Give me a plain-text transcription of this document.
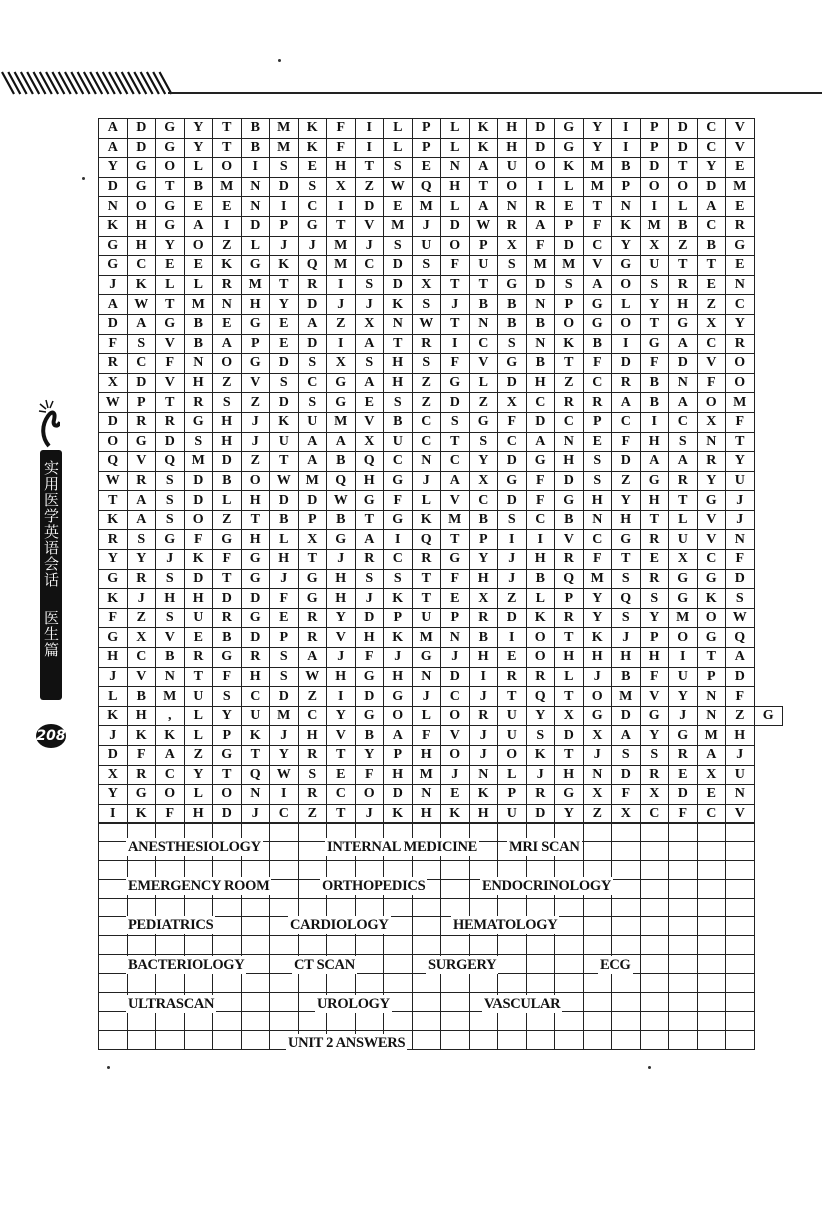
实用医学英语会话
医生篇
208
A	D	G	Y	T	B	M	K	F	I	L	P	L	K	H	D	G	Y	I	P	D	C	V	
A	D	G	Y	T	B	M	K	F	I	L	P	L	K	H	D	G	Y	I	P	D	C	V	
Y	G	O	L	O	I	S	E	H	T	S	E	N	A	U	O	K	M	B	D	T	Y	E	
D	G	T	B	M	N	D	S	X	Z	W	Q	H	T	O	I	L	M	P	O	O	D	M	
N	O	G	E	E	N	I	C	I	D	E	M	L	A	N	R	E	T	N	I	L	A	E	
K	H	G	A	I	D	P	G	T	V	M	J	D	W	R	A	P	F	K	M	B	C	R	
G	H	Y	O	Z	L	J	J	M	J	S	U	O	P	X	F	D	C	Y	X	Z	B	G	
G	C	E	E	K	G	K	Q	M	C	D	S	F	U	S	M	M	V	G	U	T	T	E	
J	K	L	L	R	M	T	R	I	S	D	X	T	T	G	D	S	A	O	S	R	E	N	
A	W	T	M	N	H	Y	D	J	J	K	S	J	B	B	N	P	G	L	Y	H	Z	C	
D	A	G	B	E	G	E	A	Z	X	N	W	T	N	B	B	O	G	O	T	G	X	Y	
F	S	V	B	A	P	E	D	I	A	T	R	I	C	S	N	K	B	I	G	A	C	R	
R	C	F	N	O	G	D	S	X	S	H	S	F	V	G	B	T	F	D	F	D	V	O	
X	D	V	H	Z	V	S	C	G	A	H	Z	G	L	D	H	Z	C	R	B	N	F	O	
W	P	T	R	S	Z	D	S	G	E	S	Z	D	Z	X	C	R	R	A	B	A	O	M	
D	R	R	G	H	J	K	U	M	V	B	C	S	G	F	D	C	P	C	I	C	X	F	
O	G	D	S	H	J	U	A	A	X	U	C	T	S	C	A	N	E	F	H	S	N	T	
Q	V	Q	M	D	Z	T	A	B	Q	C	N	C	Y	D	G	H	S	D	A	A	R	Y	
W	R	S	D	B	O	W	M	Q	H	G	J	A	X	G	F	D	S	Z	G	R	Y	U	
T	A	S	D	L	H	D	D	W	G	F	L	V	C	D	F	G	H	Y	H	T	G	J	
K	A	S	O	Z	T	B	P	B	T	G	K	M	B	S	C	B	N	H	T	L	V	J	
R	S	G	F	G	H	L	X	G	A	I	Q	T	P	I	I	V	C	G	R	U	V	N	
Y	Y	J	K	F	G	H	T	J	R	C	R	G	Y	J	H	R	F	T	E	X	C	F	
G	R	S	D	T	G	J	G	H	S	S	T	F	H	J	B	Q	M	S	R	G	G	D	
K	J	H	H	D	D	F	G	H	J	K	T	E	X	Z	L	P	Y	Q	S	G	K	S	
F	Z	S	U	R	G	E	R	Y	D	P	U	P	R	D	K	R	Y	S	Y	M	O	W	
G	X	V	E	B	D	P	R	V	H	K	M	N	B	I	O	T	K	J	P	O	G	Q	
H	C	B	R	G	R	S	A	J	F	J	G	J	H	E	O	H	H	H	H	I	T	A	
J	V	N	T	F	H	S	W	H	G	H	N	D	I	R	R	L	J	B	F	U	P	D	
L	B	M	U	S	C	D	Z	I	D	G	J	C	J	T	Q	T	O	M	V	Y	N	F	
K	H	,	L	Y	U	M	C	Y	G	O	L	O	R	U	Y	X	G	D	G	J	N	Z	G
J	K	K	L	P	K	J	H	V	B	A	F	V	J	U	S	D	X	A	Y	G	M	H	
D	F	A	Z	G	T	Y	R	T	Y	P	H	O	J	O	K	T	J	S	S	R	A	J	
X	R	C	Y	T	Q	W	S	E	F	H	M	J	N	L	J	H	N	D	R	E	X	U	
Y	G	O	L	O	N	I	R	C	O	D	N	E	K	P	R	G	X	F	X	D	E	N	
I	K	F	H	D	J	C	Z	T	J	K	H	K	H	U	D	Y	Z	X	C	F	C	V	

ANESTHESIOLOGY	INTERNAL MEDICINE MRI SCAN
EMERGENCY ROOM	ORTHOPEDICS	ENDOCRINOLOGY
PEDIATRICS	CARDIOLOGY	HEMATOLOGY
BACTERIOLOGY	CT SCAN	SURGERY	ECG
ULTRASCAN	UROLOGY	VASCULAR
UNIT 2 ANSWERS
